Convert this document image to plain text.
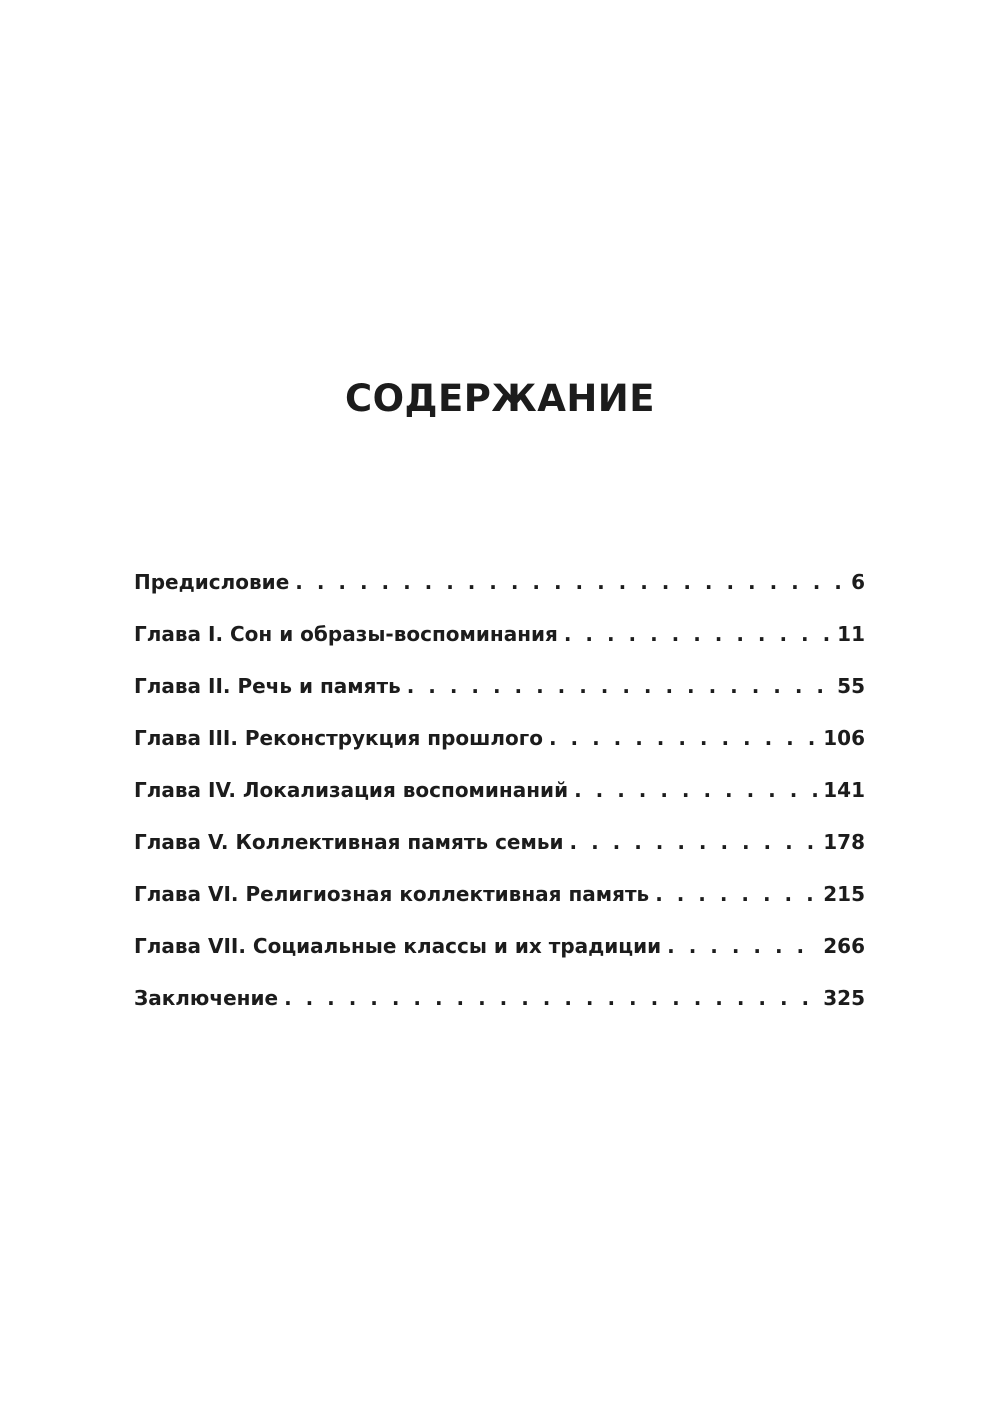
СОДЕРЖАНИЕ
Предисловие . . .	6
Глава I. Сон и образы-воспоминания . . .	11
Глава II. Речь и память . . .	55
Глава III. Реконструкция прошлого . . .	106
Глава IV. Локализация воспоминаний . . .	141
Глава V. Коллективная память семьи . . .	178
Глава VI. Религиозная коллективная память . . .	215
Глава VII. Социальные классы и их традиции . . .	266
Заключение . . .	325
